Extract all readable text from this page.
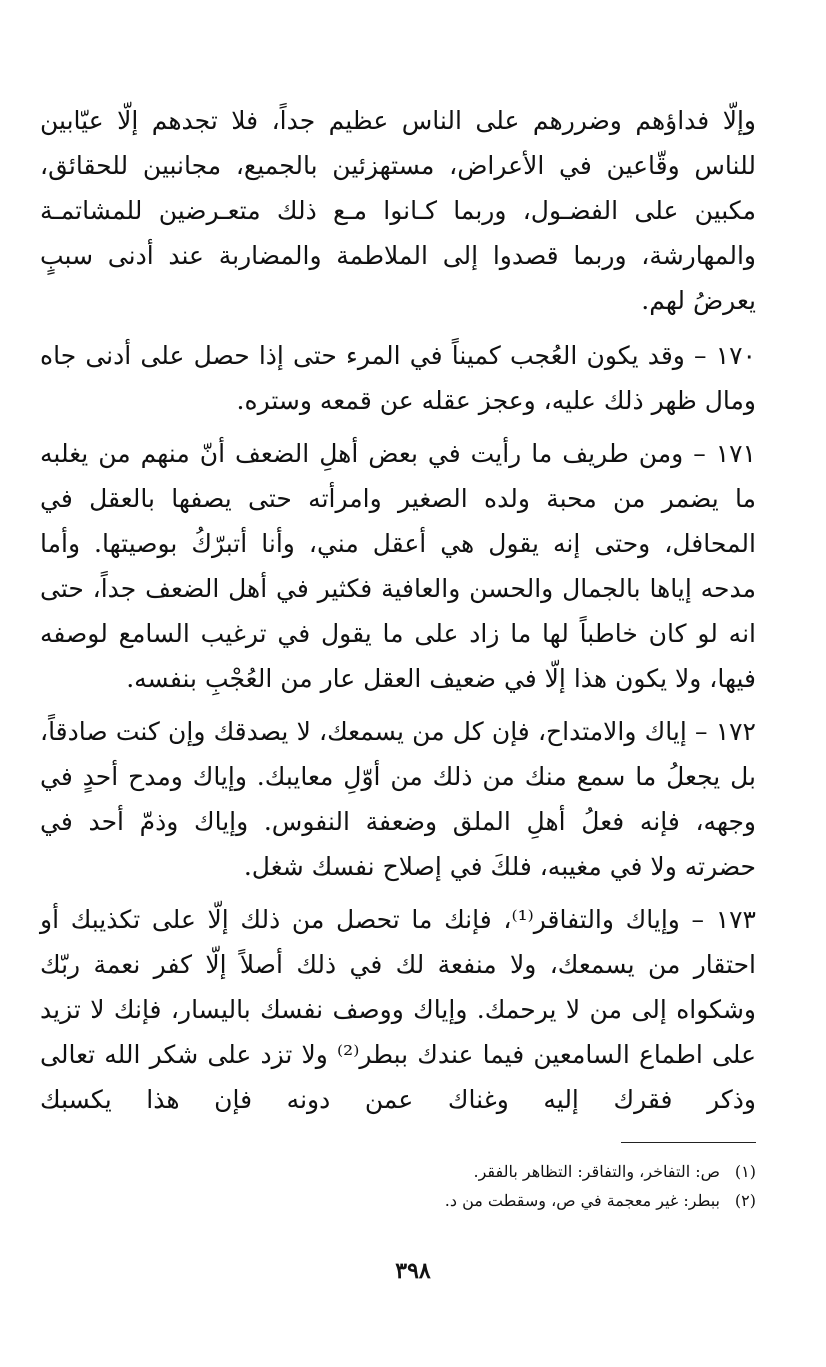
وإلّا فداؤهم وضررهم على الناس عظيم جداً، فلا تجدهم إلّا عيّابين للناس وقّاعين في الأعراض، مستهزئين بالجميع، مجانبين للحقائق، مكبين على الفضـول، وربما كـانوا مـع ذلك متعـرضين للمشاتمـة والمهارشة، وربما قصدوا إلى الملاطمة والمضاربة عند أدنى سببٍ يعرضُ لهم.

١٧٠ – وقد يكون العُجب كميناً في المرء حتى إذا حصل على أدنى جاه ومال ظهر ذلك عليه، وعجز عقله عن قمعه وستره.

١٧١ – ومن طريف ما رأيت في بعض أهلِ الضعف أنّ منهم من يغلبه ما يضمر من محبة ولده الصغير وامرأته حتى يصفها بالعقل في المحافل، وحتى إنه يقول هي أعقل مني، وأنا أتبرّكُ بوصيتها. وأما مدحه إياها بالجمال والحسن والعافية فكثير في أهل الضعف جداً، حتى انه لو كان خاطباً لها ما زاد على ما يقول في ترغيب السامع لوصفه فيها، ولا يكون هذا إلّا في ضعيف العقل عار من العُجْبِ بنفسه.

١٧٢ – إياك والامتداح، فإن كل من يسمعك، لا يصدقك وإن كنت صادقاً، بل يجعلُ ما سمع منك من ذلك من أوّلِ معايبك. وإياك ومدح أحدٍ في وجهه، فإنه فعلُ أهلِ الملق وضعفة النفوس. وإياك وذمّ أحد في حضرته ولا في مغيبه، فلكَ في إصلاح نفسك شغل.

١٧٣ – وإياك والتفاقر⁽¹⁾، فإنك ما تحصل من ذلك إلّا على تكذيبك أو احتقار من يسمعك، ولا منفعة لك في ذلك أصلاً إلّا كفر نعمة ربّك وشكواه إلى من لا يرحمك. وإياك ووصف نفسك باليسار، فإنك لا تزيد على اطماع السامعين فيما عندك ببطر⁽²⁾ ولا تزد على شكر الله تعالى وذكر فقرك إليه وغناك عمن دونه فإن هذا يكسبك

(١)
ص: التفاخر، والتفاقر: التظاهر بالفقر.
(٢)
ببطر: غير معجمة في ص، وسقطت من د.
٣٩٨
